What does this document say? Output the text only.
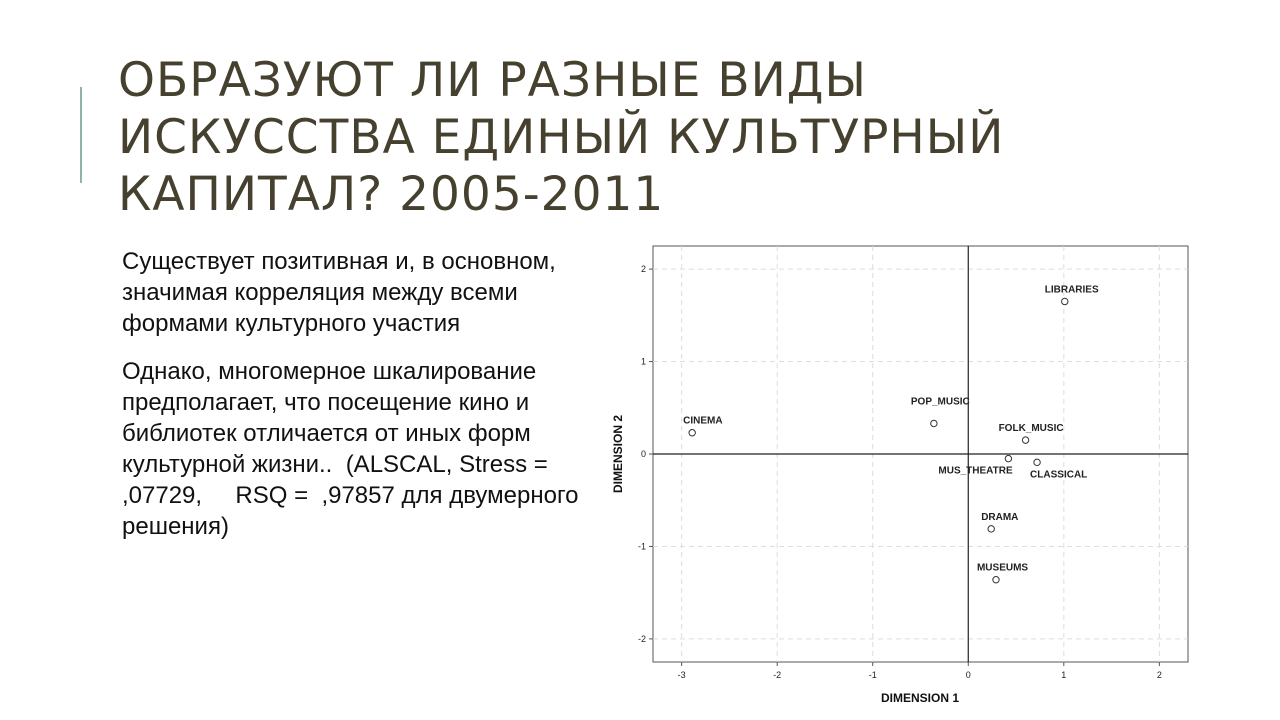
ОБРАЗУЮТ ЛИ РАЗНЫЕ ВИДЫ
ИСКУССТВА ЕДИНЫЙ КУЛЬТУРНЫЙ
КАПИТАЛ? 2005-2011

Существует позитивная и, в основном, значимая корреляция между всеми формами культурного участия

Однако, многомерное шкалирование предполагает, что посещение кино и библиотек отличается от иных форм культурной жизни..  (ALSCAL, Stress =   ,07729,     RSQ =  ,97857 для двумерного решения)

-3	-2	-1	0	1	2
-2
-1
0
1
2
LIBRARIES
CINEMA
POP_MUSIC
FOLK_MUSIC
MUS_THEATRE CLASSICAL
DRAMA
MUSEUMS
DIMENSION 1
DIMENSION 2
